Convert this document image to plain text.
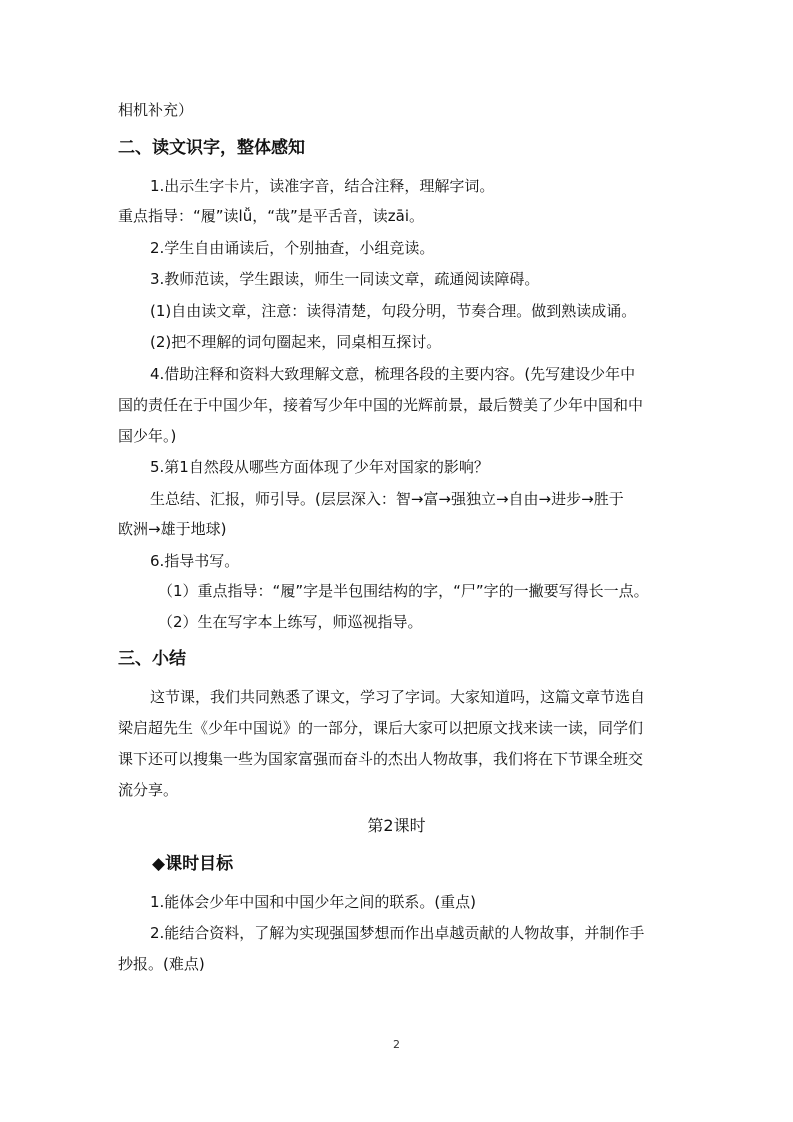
相机补充）
二、读文识字，整体感知
1.出示生字卡片，读准字音，结合注释，理解字词。
重点指导：“履”读lǚ，“哉”是平舌音，读zāi。
2.学生自由诵读后，个别抽查，小组竞读。
3.教师范读，学生跟读，师生一同读文章，疏通阅读障碍。
(1)自由读文章，注意：读得清楚，句段分明，节奏合理。做到熟读成诵。
(2)把不理解的词句圈起来，同桌相互探讨。
4.借助注释和资料大致理解文意，梳理各段的主要内容。(先写建设少年中
国的责任在于中国少年，接着写少年中国的光辉前景，最后赞美了少年中国和中
国少年。)
5.第1自然段从哪些方面体现了少年对国家的影响？
生总结、汇报，师引导。(层层深入：智→富→强独立→自由→进步→胜于
欧洲→雄于地球)
6.指导书写。
（1）重点指导：“履”字是半包围结构的字，“尸”字的一撇要写得长一点。
（2）生在写字本上练写，师巡视指导。
三、小结
这节课，我们共同熟悉了课文，学习了字词。大家知道吗，这篇文章节选自
梁启超先生《少年中国说》的一部分，课后大家可以把原文找来读一读，同学们
课下还可以搜集一些为国家富强而奋斗的杰出人物故事，我们将在下节课全班交
流分享。
第2课时
◆课时目标
1.能体会少年中国和中国少年之间的联系。(重点)
2.能结合资料，了解为实现强国梦想而作出卓越贡献的人物故事，并制作手
抄报。(难点)
2
